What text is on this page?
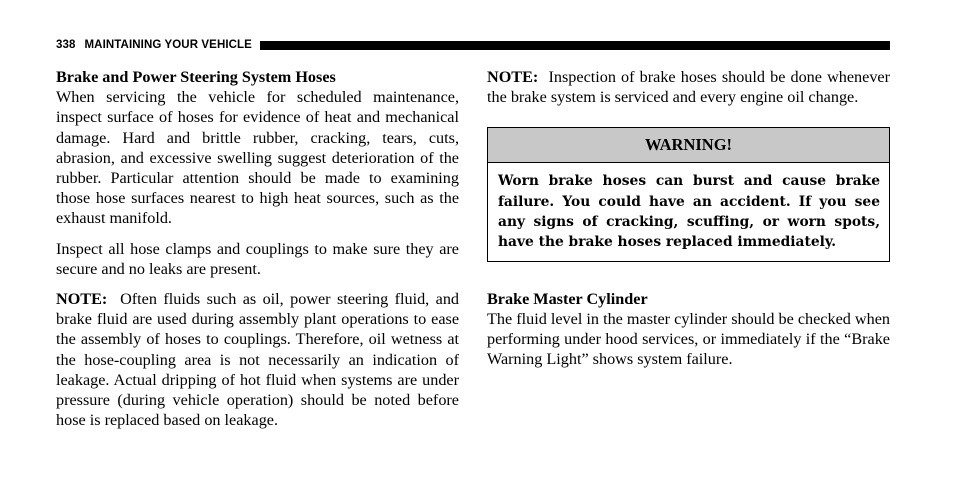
338 MAINTAINING YOUR VEHICLE
Brake and Power Steering System Hoses

When servicing the vehicle for scheduled maintenance, inspect surface of hoses for evidence of heat and mechanical damage. Hard and brittle rubber, cracking, tears, cuts, abrasion, and excessive swelling suggest deterioration of the rubber. Particular attention should be made to examining those hose surfaces nearest to high heat sources, such as the exhaust manifold.

Inspect all hose clamps and couplings to make sure they are secure and no leaks are present.

NOTE: Often fluids such as oil, power steering fluid, and brake fluid are used during assembly plant operations to ease the assembly of hoses to couplings. Therefore, oil wetness at the hose-coupling area is not necessarily an indication of leakage. Actual dripping of hot fluid when systems are under pressure (during vehicle operation) should be noted before hose is replaced based on leakage.

NOTE: Inspection of brake hoses should be done whenever the brake system is serviced and every engine oil change.

WARNING!
Worn brake hoses can burst and cause brake failure. You could have an accident. If you see any signs of cracking, scuffing, or worn spots, have the brake hoses replaced immediately.
Brake Master Cylinder

The fluid level in the master cylinder should be checked when performing under hood services, or immediately if the “Brake Warning Light” shows system failure.
